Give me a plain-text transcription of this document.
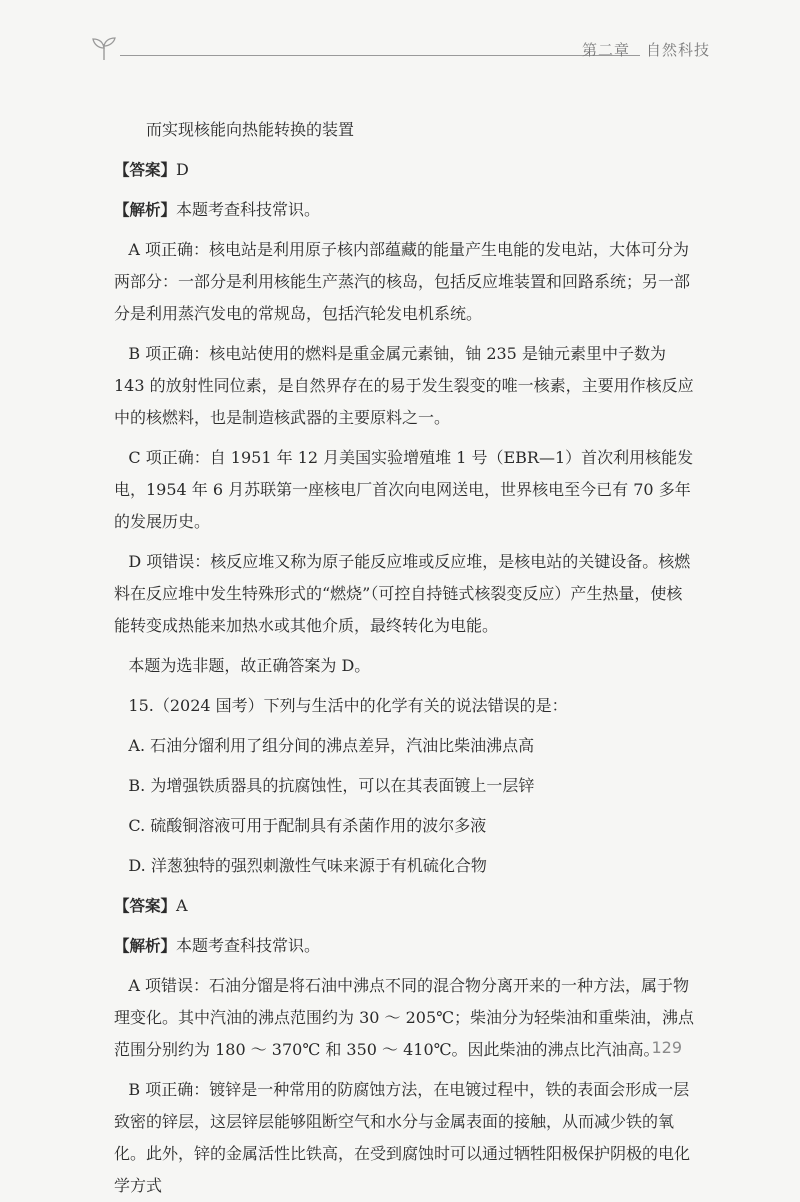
第二章　自然科技

而实现核能向热能转换的装置

【答案】D

【解析】本题考查科技常识。

A 项正确：核电站是利用原子核内部蕴藏的能量产生电能的发电站，大体可分为两部分：一部分是利用核能生产蒸汽的核岛，包括反应堆装置和回路系统；另一部分是利用蒸汽发电的常规岛，包括汽轮发电机系统。

B 项正确：核电站使用的燃料是重金属元素铀，铀 235 是铀元素里中子数为 143 的放射性同位素，是自然界存在的易于发生裂变的唯一核素，主要用作核反应中的核燃料，也是制造核武器的主要原料之一。

C 项正确：自 1951 年 12 月美国实验增殖堆 1 号（EBR—1）首次利用核能发电，1954 年 6 月苏联第一座核电厂首次向电网送电，世界核电至今已有 70 多年的发展历史。

D 项错误：核反应堆又称为原子能反应堆或反应堆，是核电站的关键设备。核燃料在反应堆中发生特殊形式的“燃烧”（可控自持链式核裂变反应）产生热量，使核能转变成热能来加热水或其他介质，最终转化为电能。

本题为选非题，故正确答案为 D。

15.（2024 国考）下列与生活中的化学有关的说法错误的是：

A. 石油分馏利用了组分间的沸点差异，汽油比柴油沸点高

B. 为增强铁质器具的抗腐蚀性，可以在其表面镀上一层锌

C. 硫酸铜溶液可用于配制具有杀菌作用的波尔多液

D. 洋葱独特的强烈刺激性气味来源于有机硫化合物

【答案】A

【解析】本题考查科技常识。

A 项错误：石油分馏是将石油中沸点不同的混合物分离开来的一种方法，属于物理变化。其中汽油的沸点范围约为 30 ～ 205℃；柴油分为轻柴油和重柴油，沸点范围分别约为 180 ～ 370℃ 和 350 ～ 410℃。因此柴油的沸点比汽油高。

B 项正确：镀锌是一种常用的防腐蚀方法，在电镀过程中，铁的表面会形成一层致密的锌层，这层锌层能够阻断空气和水分与金属表面的接触，从而减少铁的氧化。此外，锌的金属活性比铁高，在受到腐蚀时可以通过牺牲阳极保护阴极的电化学方式

129
